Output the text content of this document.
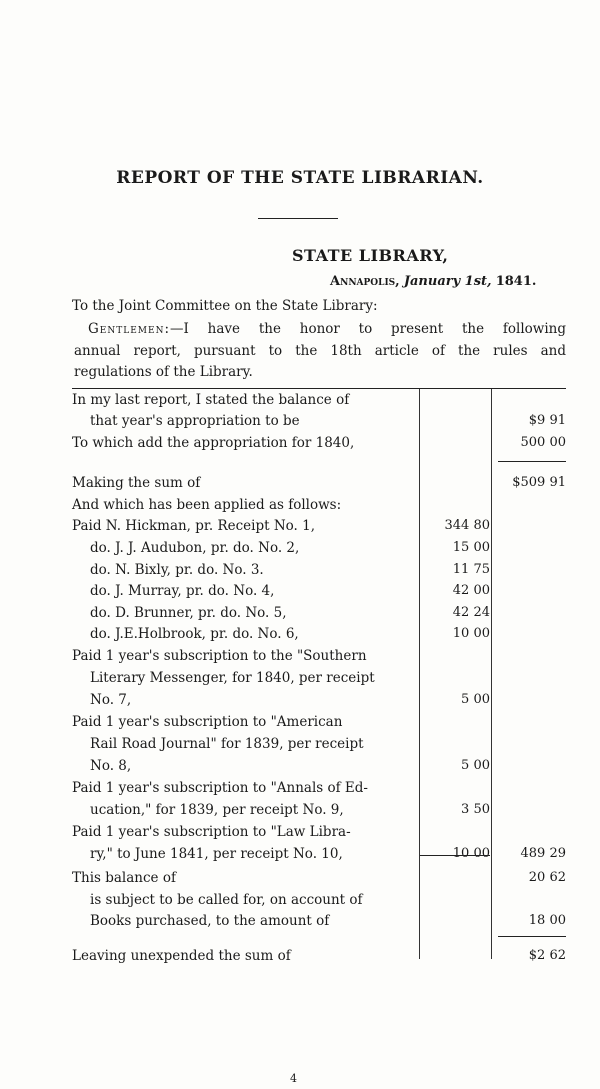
REPORT OF THE STATE LIBRARIAN.
STATE LIBRARY,
Annapolis, January 1st, 1841.
To the Joint Committee on the State Library:
Gentlemen:—I have the honor to present the following
annual report, pursuant to the 18th article of the rules and
regulations of the Library.
In my last report, I stated the balance of
that year's appropriation to be	$9 91
To which add the appropriation for 1840,	500 00
Making the sum of	$509 91
And which has been applied as follows:
Paid N. Hickman, pr. Receipt No. 1,	344 80
do. J. J. Audubon, pr. do. No. 2,	15 00
do. N. Bixly, pr. do. No. 3.	11 75
do. J. Murray, pr. do. No. 4,	42 00
do. D. Brunner, pr. do. No. 5,	42 24
do. J.E.Holbrook, pr. do. No. 6,	10 00
Paid 1 year's subscription to the "Southern
Literary Messenger, for 1840, per receipt
No. 7,	5 00
Paid 1 year's subscription to "American
Rail Road Journal" for 1839, per receipt
No. 8,	5 00
Paid 1 year's subscription to "Annals of Ed-
ucation," for 1839, per receipt No. 9,	3 50
Paid 1 year's subscription to "Law Libra-
ry," to June 1841, per receipt No. 10,	10 00	489 29
This balance of	20 62
is subject to be called for, on account of
Books purchased, to the amount of	18 00
Leaving unexpended the sum of	$2 62
4
